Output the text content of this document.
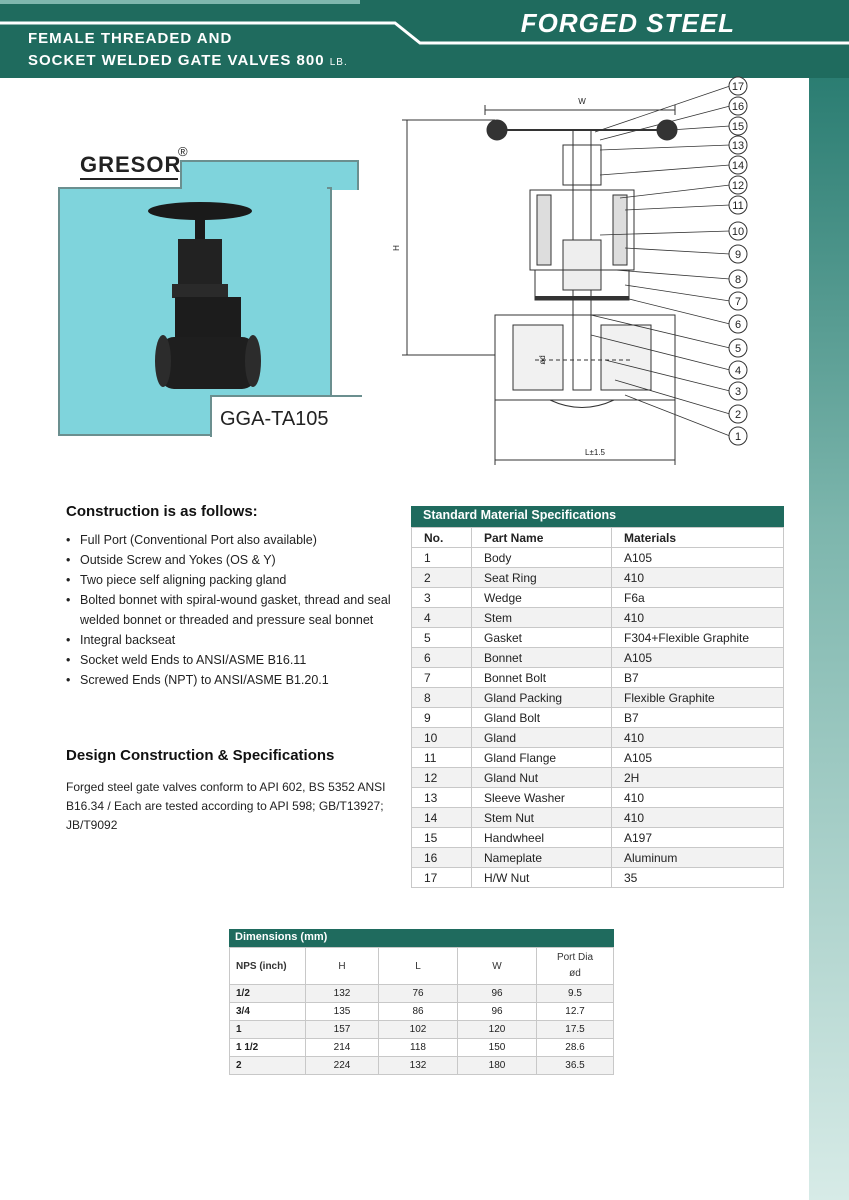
FEMALE THREADED AND
SOCKET WELDED GATE VALVES 800 LB.
FORGED STEEL
GGA-TA105
GRESOR
®
17
16
15
13
14
12
11
10
9
8
7
6
5
4
3
2
1
W
H
ød
L±1.5
Construction is as follows:
• Full Port (Conventional Port also available)
• Outside Screw and Yokes (OS & Y)
• Two piece self aligning packing gland
• Bolted bonnet with spiral-wound gasket, thread and seal welded bonnet or threaded and pressure seal bonnet
• Integral backseat
• Socket weld Ends to ANSI/ASME B16.11
• Screwed Ends (NPT) to ANSI/ASME B1.20.1
Design Construction & Specifications
Forged steel gate valves conform to API 602, BS 5352 ANSI B16.34 / Each are tested according to API 598; GB/T13927; JB/T9092
Standard Material Specifications
No.	Part Name	Materials
1	Body	A105
2	Seat Ring	410
3	Wedge	F6a
4	Stem	410
5	Gasket	F304+Flexible Graphite
6	Bonnet	A105
7	Bonnet Bolt	B7
8	Gland Packing	Flexible Graphite
9	Gland Bolt	B7
10	Gland	410
11	Gland Flange	A105
12	Gland Nut	2H
13	Sleeve Washer	410
14	Stem Nut	410
15	Handwheel	A197
16	Nameplate	Aluminum
17	H/W Nut	35
Dimensions (mm)
NPS (inch)	H	L	W	Port Dia
ød
1/2	132	76	96	9.5
3/4	135	86	96	12.7
1	157	102	120	17.5
1 1/2	214	118	150	28.6
2	224	132	180	36.5
